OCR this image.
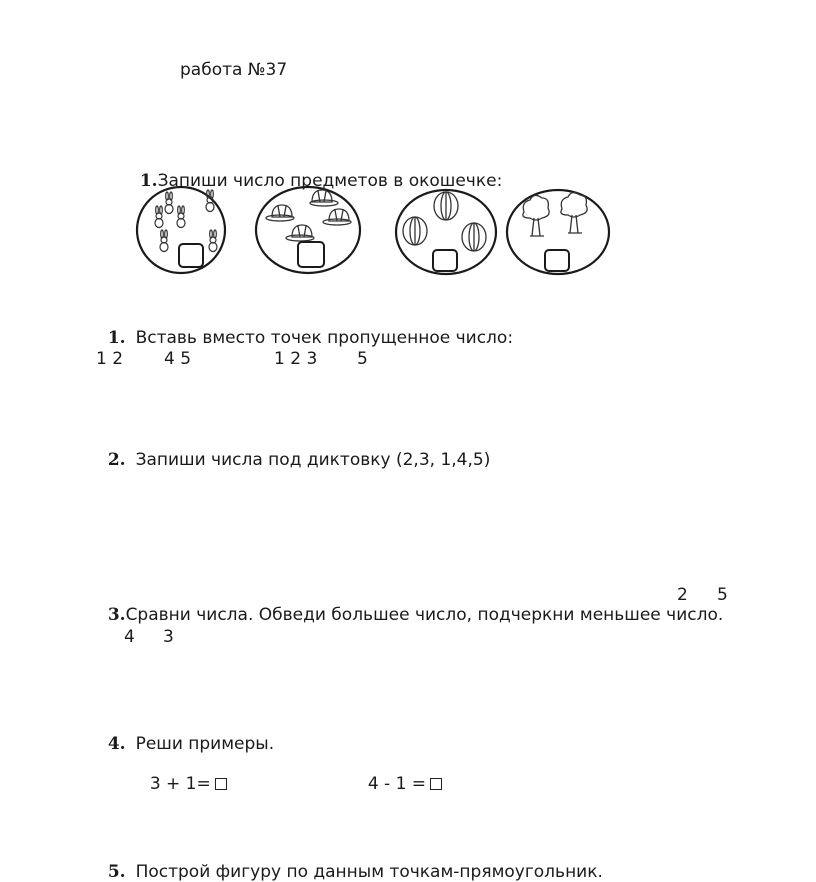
работа №37

1.Запиши число предметов в окошечке:

1. Вставь вместо точек пропущенное число:

1 2 4 5	1 2 3 5

2. Запиши числа под диктовку (2,3, 1,4,5)

3.Сравни числа. Обведи большее число, подчеркни меньшее число.

2 5
4 3

4. Реши примеры.

3 + 1=	4 - 1 =

5. Построй фигуру по данным точкам-прямоугольник.
